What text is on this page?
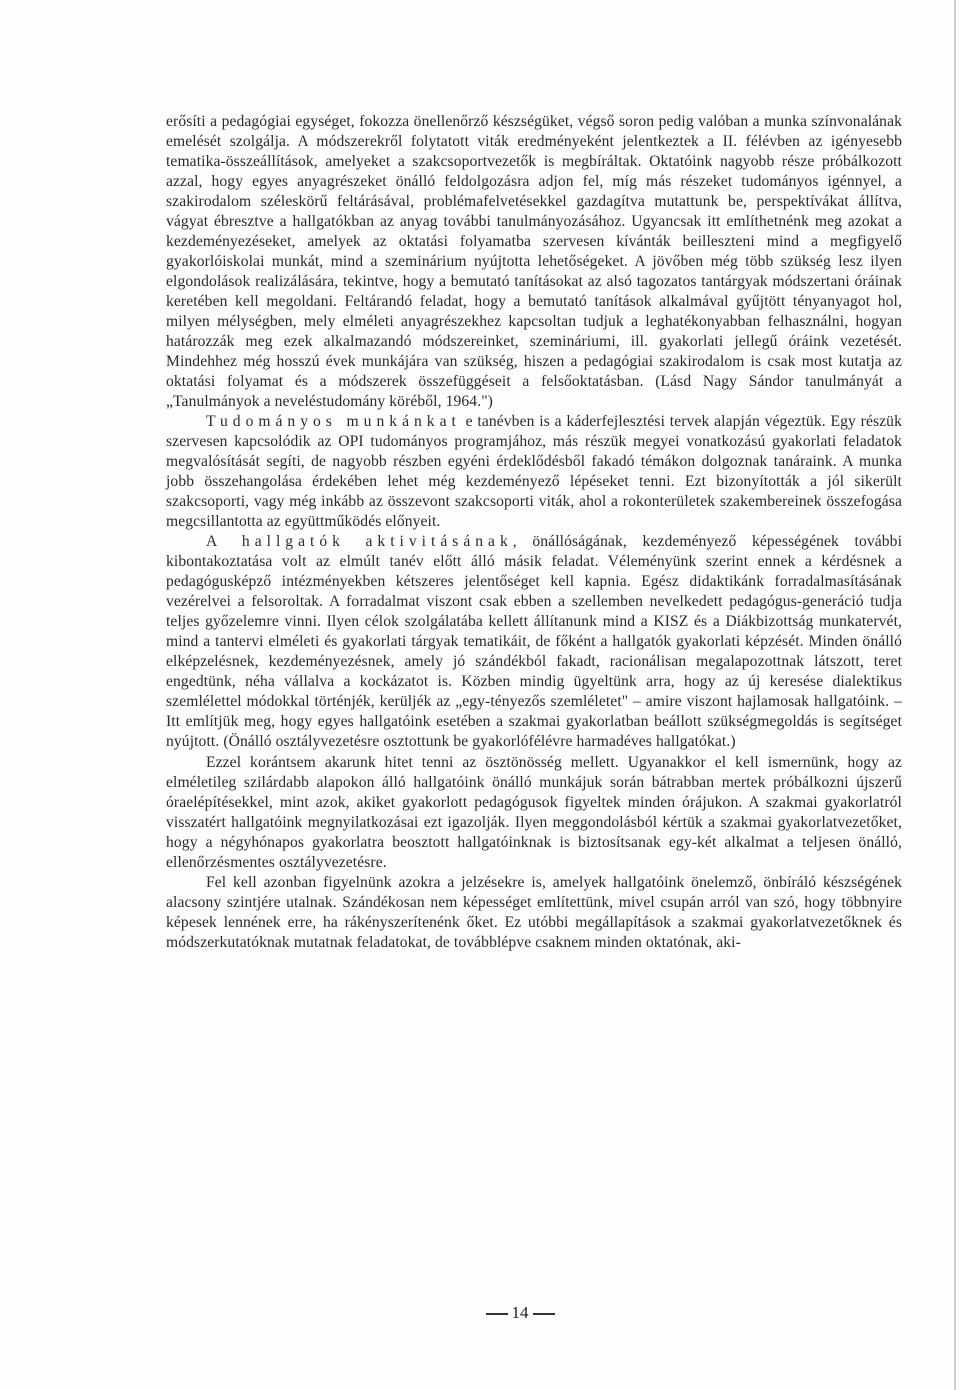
erősíti a pedagógiai egységet, fokozza önellenőrző készségüket, végső soron pedig valóban a munka színvonalának emelését szolgálja. A módszerekről folytatott viták eredményeként jelentkeztek a II. félévben az igényesebb tematika-összeállítások, amelyeket a szakcsoportvezetők is megbíráltak. Oktatóink nagyobb része próbálkozott azzal, hogy egyes anyagrészeket önálló feldolgozásra adjon fel, míg más részeket tudományos igénnyel, a szakirodalom széleskörű feltárásával, problémafelvetésekkel gazdagítva mutattunk be, perspektívákat állítva, vágyat ébresztve a hallgatókban az anyag további tanulmányozásához. Ugyancsak itt említhetnénk meg azokat a kezdeményezéseket, amelyek az oktatási folyamatba szervesen kívánták beilleszteni mind a megfigyelő gyakorlóiskolai munkát, mind a szeminárium nyújtotta lehetőségeket. A jövőben még több szükség lesz ilyen elgondolások realizálására, tekintve, hogy a bemutató tanításokat az alsó tagozatos tantárgyak módszertani óráinak keretében kell megoldani. Feltárandó feladat, hogy a bemutató tanítások alkalmával gyűjtött tényanyagot hol, milyen mélységben, mely elméleti anyagrészekhez kapcsoltan tudjuk a leghatékonyabban felhasználni, hogyan határozzák meg ezek alkalmazandó módszereinket, szemináriumi, ill. gyakorlati jellegű óráink vezetését. Mindehhez még hosszú évek munkájára van szükség, hiszen a pedagógiai szakirodalom is csak most kutatja az oktatási folyamat és a módszerek összefüggéseit a felsőoktatásban. (Lásd Nagy Sándor tanulmányát a „Tanulmányok a neveléstudomány köréből, 1964.")

Tudományos munkánkat e tanévben is a káderfejlesztési tervek alapján végeztük. Egy részük szervesen kapcsolódik az OPI tudományos programjához, más részük megyei vonatkozású gyakorlati feladatok megvalósítását segíti, de nagyobb részben egyéni érdeklődésből fakadó témákon dolgoznak tanáraink. A munka jobb összehangolása érdekében lehet még kezdeményező lépéseket tenni. Ezt bizonyították a jól sikerült szakcsoporti, vagy még inkább az összevont szakcsoporti viták, ahol a rokonterületek szakembereinek összefogása megcsillantotta az együttműködés előnyeit.

A hallgatók aktivitásának, önállóságának, kezdeményező képességének további kibontakoztatása volt az elmúlt tanév előtt álló másik feladat. Véleményünk szerint ennek a kérdésnek a pedagógusképző intézményekben kétszeres jelentőséget kell kapnia. Egész didaktikánk forradalmasításának vezérelvei a felsoroltak. A forradalmat viszont csak ebben a szellemben nevelkedett pedagógus-generáció tudja teljes győzelemre vinni. Ilyen célok szolgálatába kellett állítanunk mind a KISZ és a Diákbizottság munkatervét, mind a tantervi elméleti és gyakorlati tárgyak tematikáit, de főként a hallgatók gyakorlati képzését. Minden önálló elképzelésnek, kezdeményezésnek, amely jó szándékból fakadt, racionálisan megalapozottnak látszott, teret engedtünk, néha vállalva a kockázatot is. Közben mindig ügyeltünk arra, hogy az új keresése dialektikus szemlélettel módokkal történjék, kerüljék az „egy-tényezős szemléletet" – amire viszont hajlamosak hallgatóink. – Itt említjük meg, hogy egyes hallgatóink esetében a szakmai gyakorlatban beállott szükségmegoldás is segítséget nyújtott. (Önálló osztályvezetésre osztottunk be gyakorlófélévre harmadéves hallgatókat.)

Ezzel korántsem akarunk hitet tenni az ösztönösség mellett. Ugyanakkor el kell ismernünk, hogy az elméletileg szilárdabb alapokon álló hallgatóink önálló munkájuk során bátrabban mertek próbálkozni újszerű óraelépítésekkel, mint azok, akiket gyakorlott pedagógusok figyeltek minden órájukon. A szakmai gyakorlatról visszatért hallgatóink megnyilatkozásai ezt igazolják. Ilyen meggondolásból kértük a szakmai gyakorlatvezetőket, hogy a négyhónapos gyakorlatra beosztott hallgatóinknak is biztosítsanak egy-két alkalmat a teljesen önálló, ellenőrzésmentes osztályvezetésre.

Fel kell azonban figyelnünk azokra a jelzésekre is, amelyek hallgatóink önelemző, önbíráló készségének alacsony szintjére utalnak. Szándékosan nem képességet említettünk, mivel csupán arról van szó, hogy többnyire képesek lennének erre, ha rákényszerítenénk őket. Ez utóbbi megállapítások a szakmai gyakorlatvezetőknek és módszerkutatóknak mutatnak feladatokat, de továbblépve csaknem minden oktatónak, aki-

14
